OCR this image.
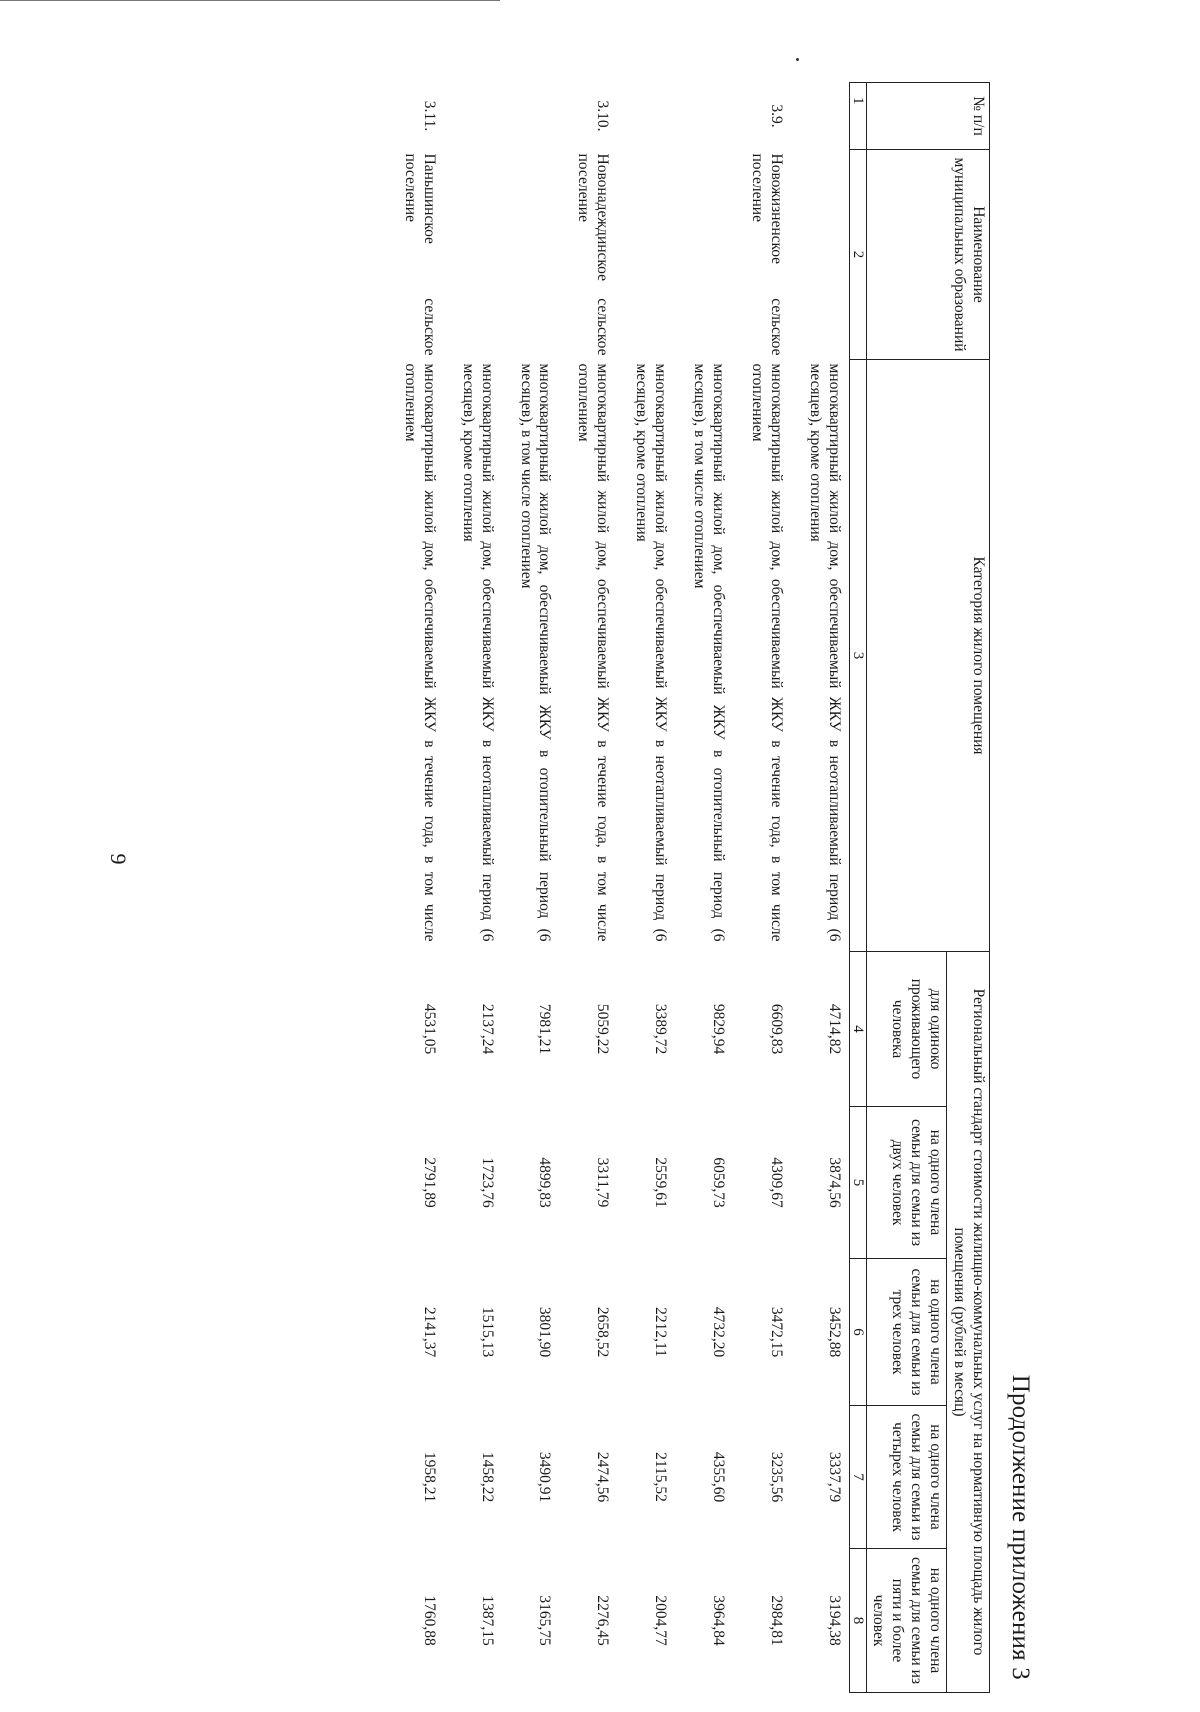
9
Продолжение приложения 3
№ п/п	Наименование муниципальных образований	Категория жилого помещения	Региональный стандарт стоимости жилищно-коммунальных услуг на нормативную площадь жилого помещения (рублей в месяц)				
			для одиноко проживающего человека	на одного члена семьи для семьи из двух человек	на одного члена семьи для семьи из трех человек	на одного члена семьи для семьи из четырех человек	на одного члена семьи для семьи из пяти и более человек
1	2	3	4	5	6	7	8

		многоквартирный жилой дом, обеспечиваемый ЖКУ в неотапливаемый период (6 месяцев), кроме отопления	4714,82	3874,56	3452,88	3337,79	3194,38
3.9.	Новожизненское сельское поселение	многоквартирный жилой дом, обеспечиваемый ЖКУ в течение года, в том числе отоплением	6609,83	4309,67	3472,15	3235,56	2984,81
		многоквартирный жилой дом, обеспечиваемый ЖКУ в отопительный период (6 месяцев), в том числе отоплением	9829,94	6059,73	4732,20	4355,60	3964,84
		многоквартирный жилой дом, обеспечиваемый ЖКУ в неотапливаемый период (6 месяцев), кроме отопления	3389,72	2559,61	2212,11	2115,52	2004,77
3.10.	Новонадеждинское сельское поселение	многоквартирный жилой дом, обеспечиваемый ЖКУ в течение года, в том числе отоплением	5059,22	3311,79	2658,52	2474,56	2276,45
		многоквартирный жилой дом, обеспечиваемый ЖКУ в отопительный период (6 месяцев), в том числе отоплением	7981,21	4899,83	3801,90	3490,91	3165,75
		многоквартирный жилой дом, обеспечиваемый ЖКУ в неотапливаемый период (6 месяцев), кроме отопления	2137,24	1723,76	1515,13	1458,22	1387,15
3.11.	Паньшинское сельское поселение	многоквартирный жилой дом, обеспечиваемый ЖКУ в течение года, в том числе отоплением	4531,05	2791,89	2141,37	1958,21	1760,88
